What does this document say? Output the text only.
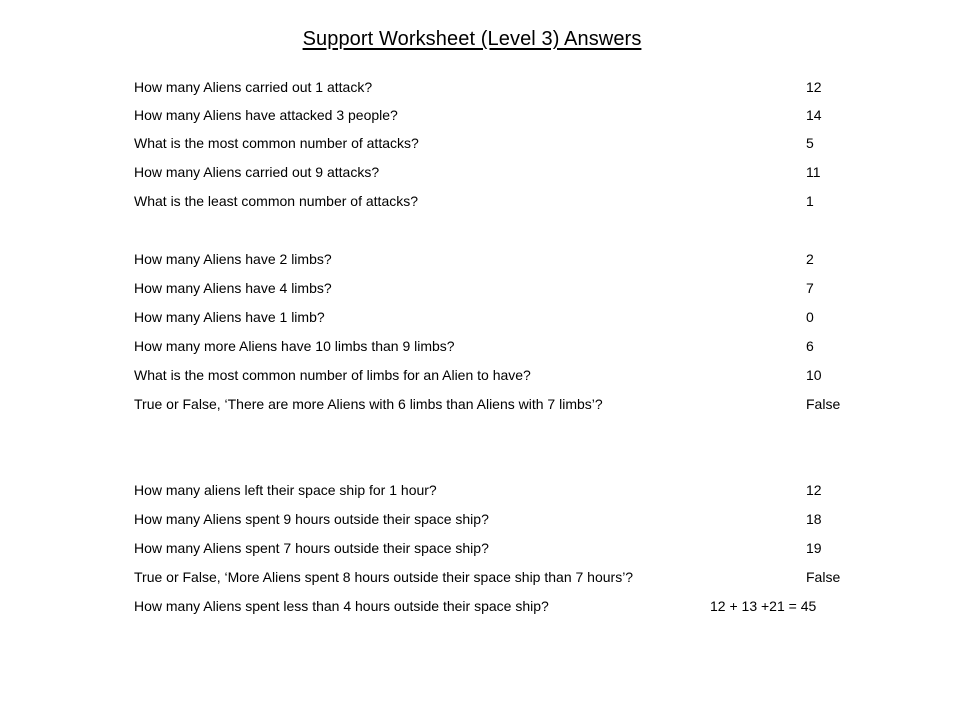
Support Worksheet (Level 3) Answers
How many Aliens carried out 1 attack?	12
How many Aliens have attacked 3 people?	14
What is the most common number of attacks?	5
How many Aliens carried out 9 attacks?	11
What is the least common number of attacks?	1
How many Aliens have 2 limbs?	2
How many Aliens have 4 limbs?	7
How many Aliens have 1 limb?	0
How many more Aliens have 10 limbs than 9 limbs?	6
What is the most common number of limbs for an Alien to have?	10
True or False, ‘There are more Aliens with 6 limbs than Aliens with 7 limbs’?	False
How many aliens left their space ship for 1 hour?	12
How many Aliens spent 9 hours outside their space ship?	18
How many Aliens spent 7 hours outside their space ship?	19
True or False, ‘More Aliens spent 8 hours outside their space ship than 7 hours’?	False
How many Aliens spent less than 4 hours outside their space ship?	12 + 13 +21 = 45
